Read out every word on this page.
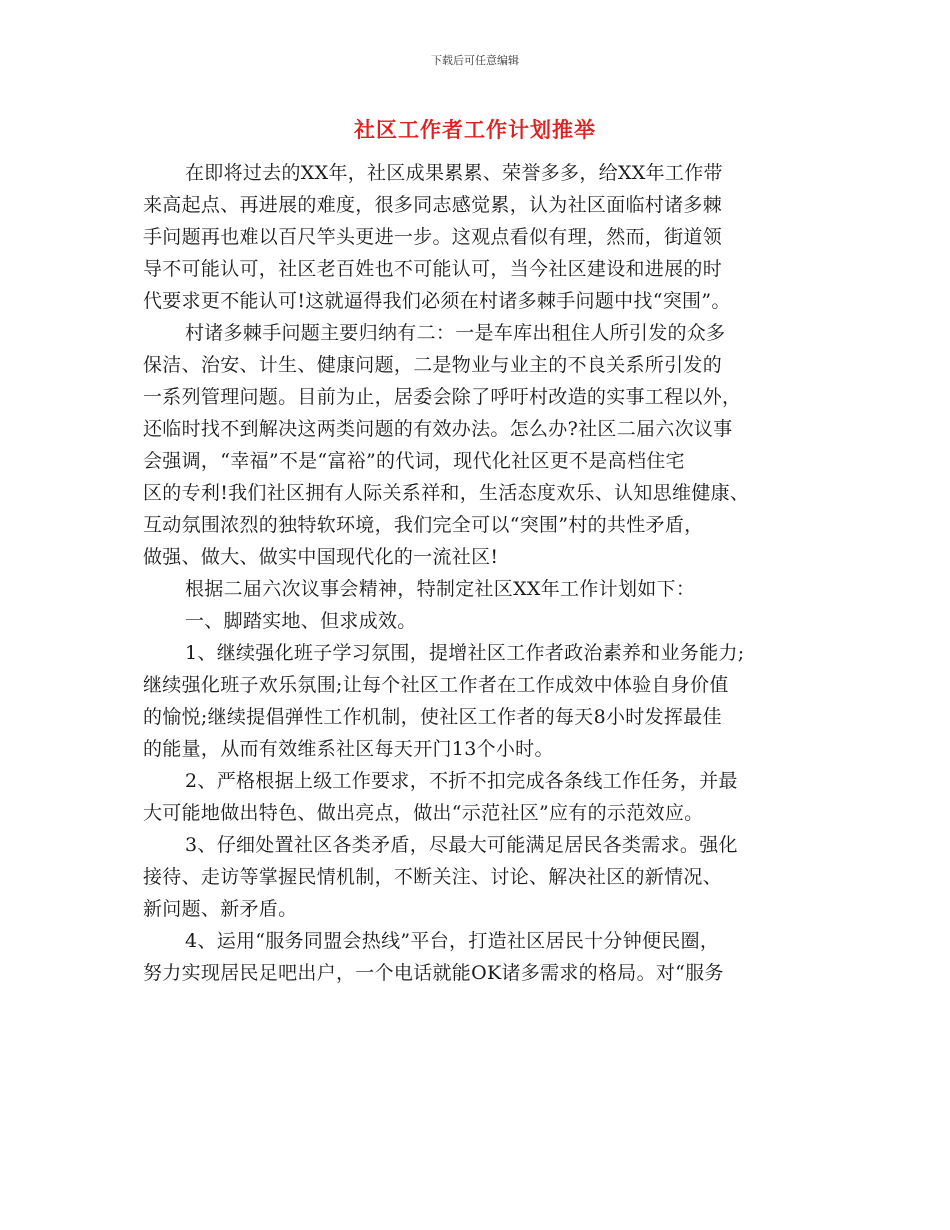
下载后可任意编辑
社区工作者工作计划推举
在即将过去的XX年，社区成果累累、荣誉多多，给XX年工作带
来高起点、再进展的难度，很多同志感觉累，认为社区面临村诸多棘
手问题再也难以百尺竿头更进一步。这观点看似有理，然而，街道领
导不可能认可，社区老百姓也不可能认可，当今社区建设和进展的时
代要求更不能认可!这就逼得我们必须在村诸多棘手问题中找“突围”。
村诸多棘手问题主要归纳有二：一是车库出租住人所引发的众多
保洁、治安、计生、健康问题，二是物业与业主的不良关系所引发的
一系列管理问题。目前为止，居委会除了呼吁村改造的实事工程以外，
还临时找不到解决这两类问题的有效办法。怎么办?社区二届六次议事
会强调，“幸福”不是“富裕”的代词，现代化社区更不是高档住宅
区的专利!我们社区拥有人际关系祥和，生活态度欢乐、认知思维健康、
互动氛围浓烈的独特软环境，我们完全可以“突围”村的共性矛盾，
做强、做大、做实中国现代化的一流社区!
根据二届六次议事会精神，特制定社区XX年工作计划如下：
一、脚踏实地、但求成效。
1、继续强化班子学习氛围，提增社区工作者政治素养和业务能力;
继续强化班子欢乐氛围;让每个社区工作者在工作成效中体验自身价值
的愉悦;继续提倡弹性工作机制，使社区工作者的每天8小时发挥最佳
的能量，从而有效维系社区每天开门13个小时。
2、严格根据上级工作要求，不折不扣完成各条线工作任务，并最
大可能地做出特色、做出亮点，做出“示范社区”应有的示范效应。
3、仔细处置社区各类矛盾，尽最大可能满足居民各类需求。强化
接待、走访等掌握民情机制，不断关注、讨论、解决社区的新情况、
新问题、新矛盾。
4、运用“服务同盟会热线”平台，打造社区居民十分钟便民圈，
努力实现居民足吧出户，一个电话就能OK诸多需求的格局。对“服务
